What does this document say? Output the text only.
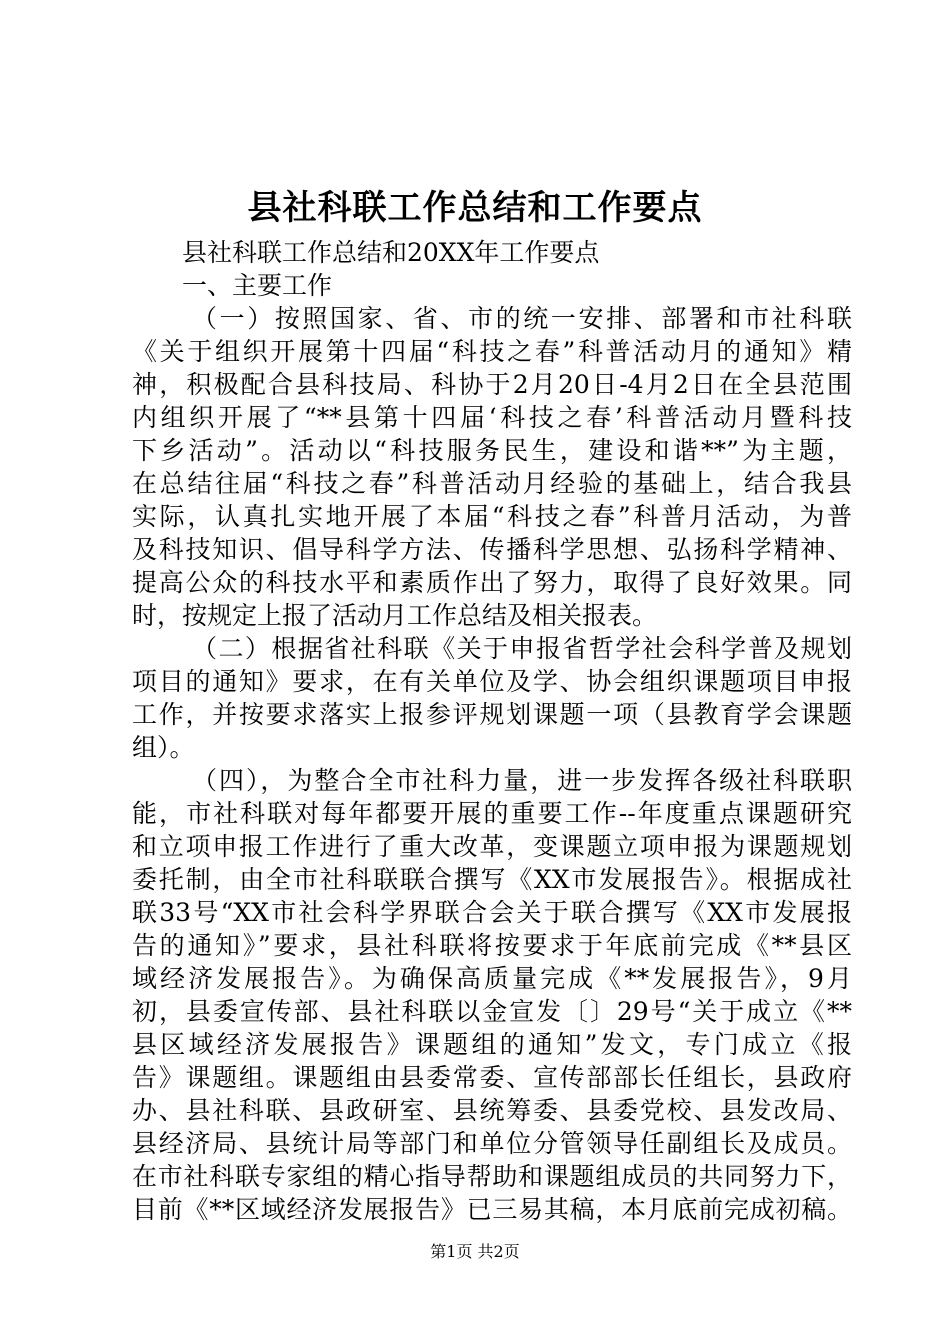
县社科联工作总结和工作要点
县社科联工作总结和20XX年工作要点
一、主要工作
（一）按照国家、省、市的统一安排、部署和市社科联
《关于组织开展第十四届“科技之春”科普活动月的通知》精
神，积极配合县科技局、科协于2月20日-4月2日在全县范围
内组织开展了“**县第十四届‘科技之春’科普活动月暨科技
下乡活动”。活动以“科技服务民生，建设和谐**”为主题，
在总结往届“科技之春”科普活动月经验的基础上，结合我县
实际，认真扎实地开展了本届“科技之春”科普月活动，为普
及科技知识、倡导科学方法、传播科学思想、弘扬科学精神、
提高公众的科技水平和素质作出了努力，取得了良好效果。同
时，按规定上报了活动月工作总结及相关报表。
（二）根据省社科联《关于申报省哲学社会科学普及规划
项目的通知》要求，在有关单位及学、协会组织课题项目申报
工作，并按要求落实上报参评规划课题一项（县教育学会课题
组）。
（四），为整合全市社科力量，进一步发挥各级社科联职
能，市社科联对每年都要开展的重要工作--年度重点课题研究
和立项申报工作进行了重大改革，变课题立项申报为课题规划
委托制，由全市社科联联合撰写《XX市发展报告》。根据成社
联33号“XX市社会科学界联合会关于联合撰写《XX市发展报
告的通知》”要求，县社科联将按要求于年底前完成《**县区
域经济发展报告》。为确保高质量完成《**发展报告》，9月
初，县委宣传部、县社科联以金宣发〔〕29号“关于成立《**
县区域经济发展报告》课题组的通知”发文，专门成立《报
告》课题组。课题组由县委常委、宣传部部长任组长，县政府
办、县社科联、县政研室、县统筹委、县委党校、县发改局、
县经济局、县统计局等部门和单位分管领导任副组长及成员。
在市社科联专家组的精心指导帮助和课题组成员的共同努力下，
目前《**区域经济发展报告》已三易其稿，本月底前完成初稿。
第1页 共2页
